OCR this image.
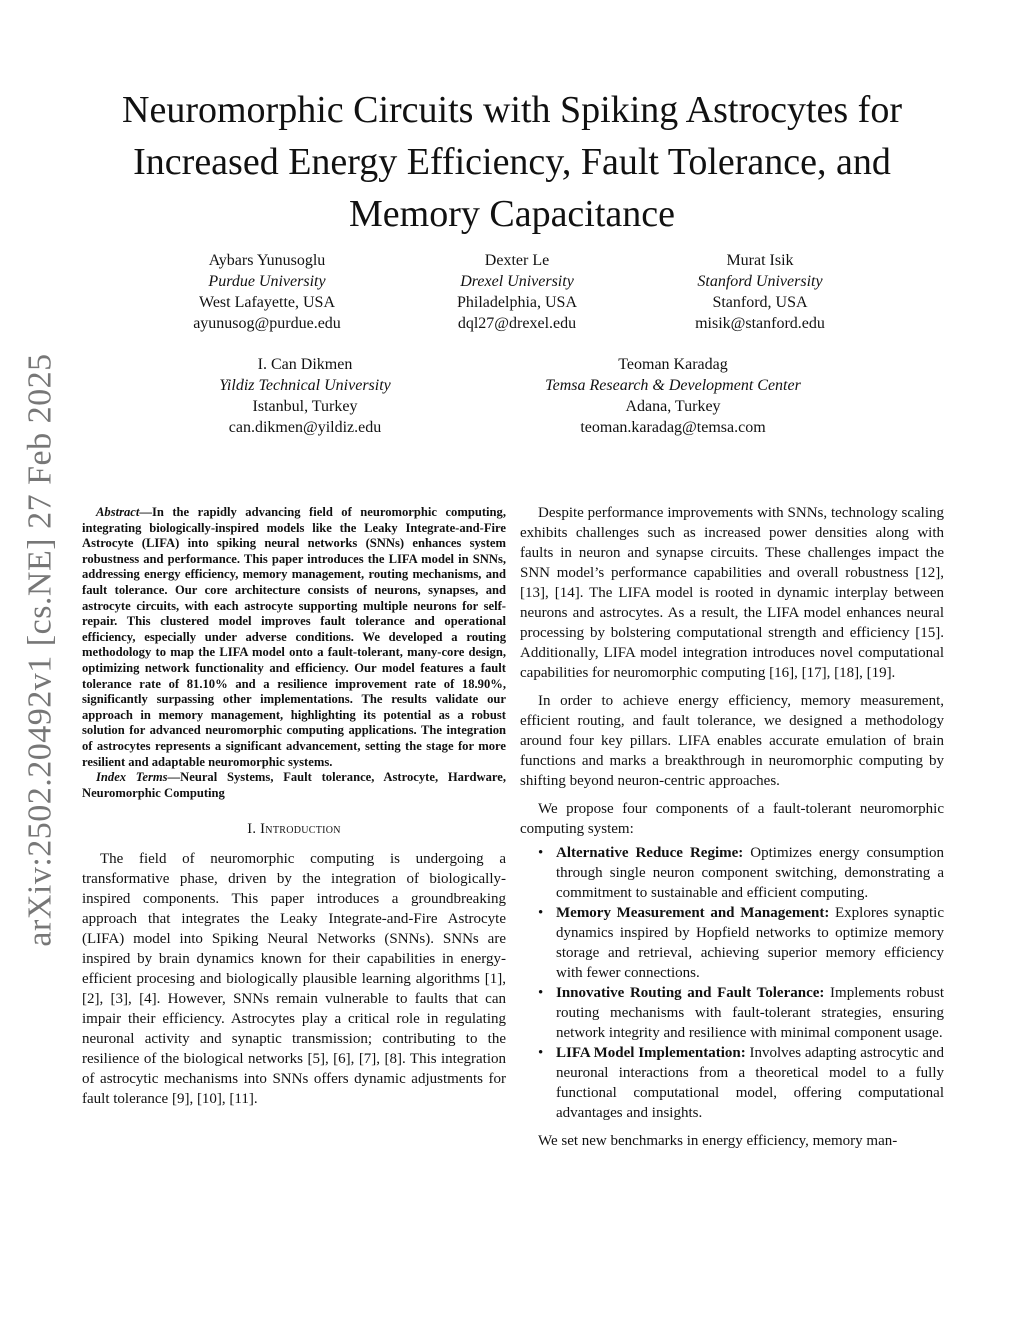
arXiv:2502.20492v1 [cs.NE] 27 Feb 2025
Neuromorphic Circuits with Spiking Astrocytes for Increased Energy Efficiency, Fault Tolerance, and Memory Capacitance
Aybars Yunusoglu
Purdue University
West Lafayette, USA
ayunusog@purdue.edu
Dexter Le
Drexel University
Philadelphia, USA
dql27@drexel.edu
Murat Isik
Stanford University
Stanford, USA
misik@stanford.edu
I. Can Dikmen
Yildiz Technical University
Istanbul, Turkey
can.dikmen@yildiz.edu
Teoman Karadag
Temsa Research & Development Center
Adana, Turkey
teoman.karadag@temsa.com

Abstract—In the rapidly advancing field of neuromorphic computing, integrating biologically-inspired models like the Leaky Integrate-and-Fire Astrocyte (LIFA) into spiking neural networks (SNNs) enhances system robustness and performance. This paper introduces the LIFA model in SNNs, addressing energy efficiency, memory management, routing mechanisms, and fault tolerance. Our core architecture consists of neurons, synapses, and astrocyte circuits, with each astrocyte supporting multiple neurons for self-repair. This clustered model improves fault tolerance and operational efficiency, especially under adverse conditions. We developed a routing methodology to map the LIFA model onto a fault-tolerant, many-core design, optimizing network functionality and efficiency. Our model features a fault tolerance rate of 81.10% and a resilience improvement rate of 18.90%, significantly surpassing other implementations. The results validate our approach in memory management, highlighting its potential as a robust solution for advanced neuromorphic computing applications. The integration of astrocytes represents a significant advancement, setting the stage for more resilient and adaptable neuromorphic systems.

Index Terms—Neural Systems, Fault tolerance, Astrocyte, Hardware, Neuromorphic Computing

I. Introduction

The field of neuromorphic computing is undergoing a transformative phase, driven by the integration of biologically-inspired components. This paper introduces a groundbreaking approach that integrates the Leaky Integrate-and-Fire Astrocyte (LIFA) model into Spiking Neural Networks (SNNs). SNNs are inspired by brain dynamics known for their capabilities in energy-efficient procesing and biologically plausible learning algorithms [1], [2], [3], [4]. However, SNNs remain vulnerable to faults that can impair their efficiency. Astrocytes play a critical role in regulating neuronal activity and synaptic transmission; contributing to the resilience of the biological networks [5], [6], [7], [8]. This integration of astrocytic mechanisms into SNNs offers dynamic adjustments for fault tolerance [9], [10], [11].

Despite performance improvements with SNNs, technology scaling exhibits challenges such as increased power densities along with faults in neuron and synapse circuits. These challenges impact the SNN model’s performance capabilities and overall robustness [12], [13], [14]. The LIFA model is rooted in dynamic interplay between neurons and astrocytes. As a result, the LIFA model enhances neural processing by bolstering computational strength and efficiency [15]. Additionally, LIFA model integration introduces novel computational capabilities for neuromorphic computing [16], [17], [18], [19].

In order to achieve energy efficiency, memory measurement, efficient routing, and fault tolerance, we designed a methodology around four key pillars. LIFA enables accurate emulation of brain functions and marks a breakthrough in neuromorphic computing by shifting beyond neuron-centric approaches.

We propose four components of a fault-tolerant neuromorphic computing system:

• Alternative Reduce Regime: Optimizes energy consumption through single neuron component switching, demonstrating a commitment to sustainable and efficient computing.
• Memory Measurement and Management: Explores synaptic dynamics inspired by Hopfield networks to optimize memory storage and retrieval, achieving superior memory efficiency with fewer connections.
• Innovative Routing and Fault Tolerance: Implements robust routing mechanisms with fault-tolerant strategies, ensuring network integrity and resilience with minimal component usage.
• LIFA Model Implementation: Involves adapting astrocytic and neuronal interactions from a theoretical model to a fully functional computational model, offering computational advantages and insights.

We set new benchmarks in energy efficiency, memory man-
